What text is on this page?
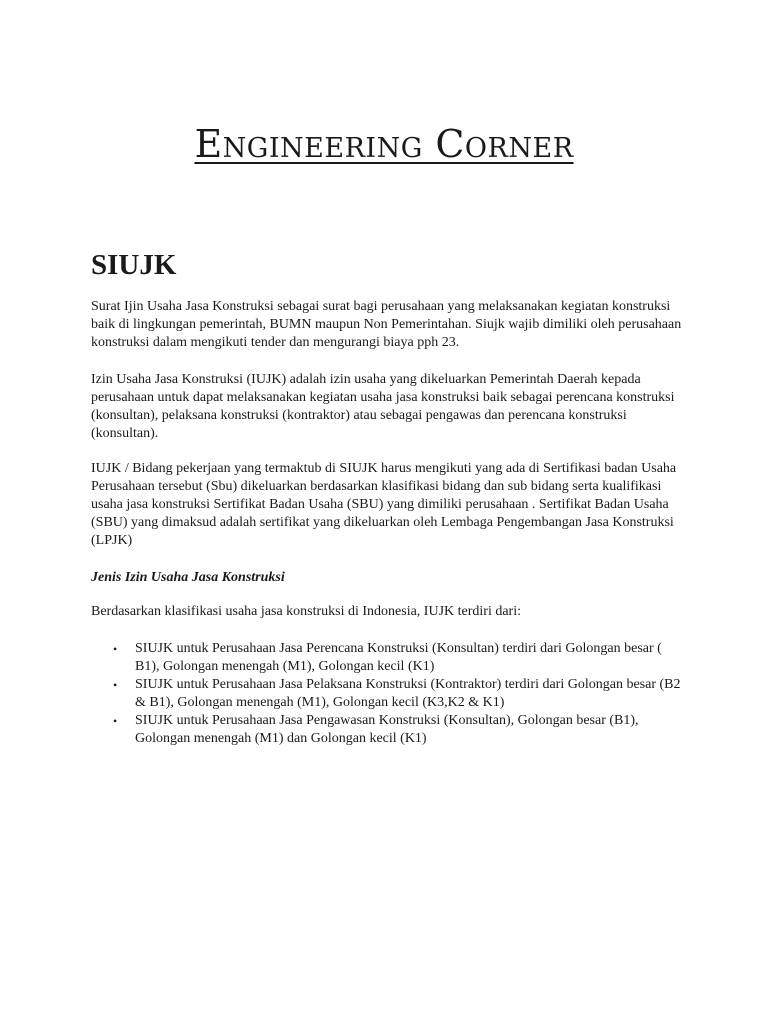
Engineering Corner
SIUJK

Surat Ijin Usaha Jasa Konstruksi sebagai surat bagi perusahaan yang melaksanakan kegiatan konstruksi baik di lingkungan pemerintah, BUMN maupun Non Pemerintahan. Siujk wajib dimiliki oleh perusahaan konstruksi dalam mengikuti tender dan mengurangi biaya pph 23.

Izin Usaha Jasa Konstruksi (IUJK) adalah izin usaha yang dikeluarkan Pemerintah Daerah kepada perusahaan untuk dapat melaksanakan kegiatan usaha jasa konstruksi baik sebagai perencana konstruksi (konsultan), pelaksana konstruksi (kontraktor) atau sebagai pengawas dan perencana konstruksi (konsultan).

IUJK / Bidang pekerjaan yang termaktub di SIUJK harus mengikuti yang ada di Sertifikasi badan Usaha Perusahaan tersebut (Sbu) dikeluarkan berdasarkan klasifikasi bidang dan sub bidang serta kualifikasi usaha jasa konstruksi Sertifikat Badan Usaha (SBU) yang dimiliki perusahaan . Sertifikat Badan Usaha (SBU) yang dimaksud adalah sertifikat yang dikeluarkan oleh Lembaga Pengembangan Jasa Konstruksi (LPJK)

Jenis Izin Usaha Jasa Konstruksi

Berdasarkan klasifikasi usaha jasa konstruksi di Indonesia, IUJK terdiri dari:

•	SIUJK untuk Perusahaan Jasa Perencana Konstruksi (Konsultan) terdiri dari Golongan besar ( B1), Golongan menengah (M1), Golongan kecil (K1)
•	SIUJK untuk Perusahaan Jasa Pelaksana Konstruksi (Kontraktor) terdiri dari Golongan besar (B2 & B1), Golongan menengah (M1), Golongan kecil (K3,K2 & K1)
•	SIUJK untuk Perusahaan Jasa Pengawasan Konstruksi (Konsultan), Golongan besar (B1), Golongan menengah (M1) dan Golongan kecil (K1)
